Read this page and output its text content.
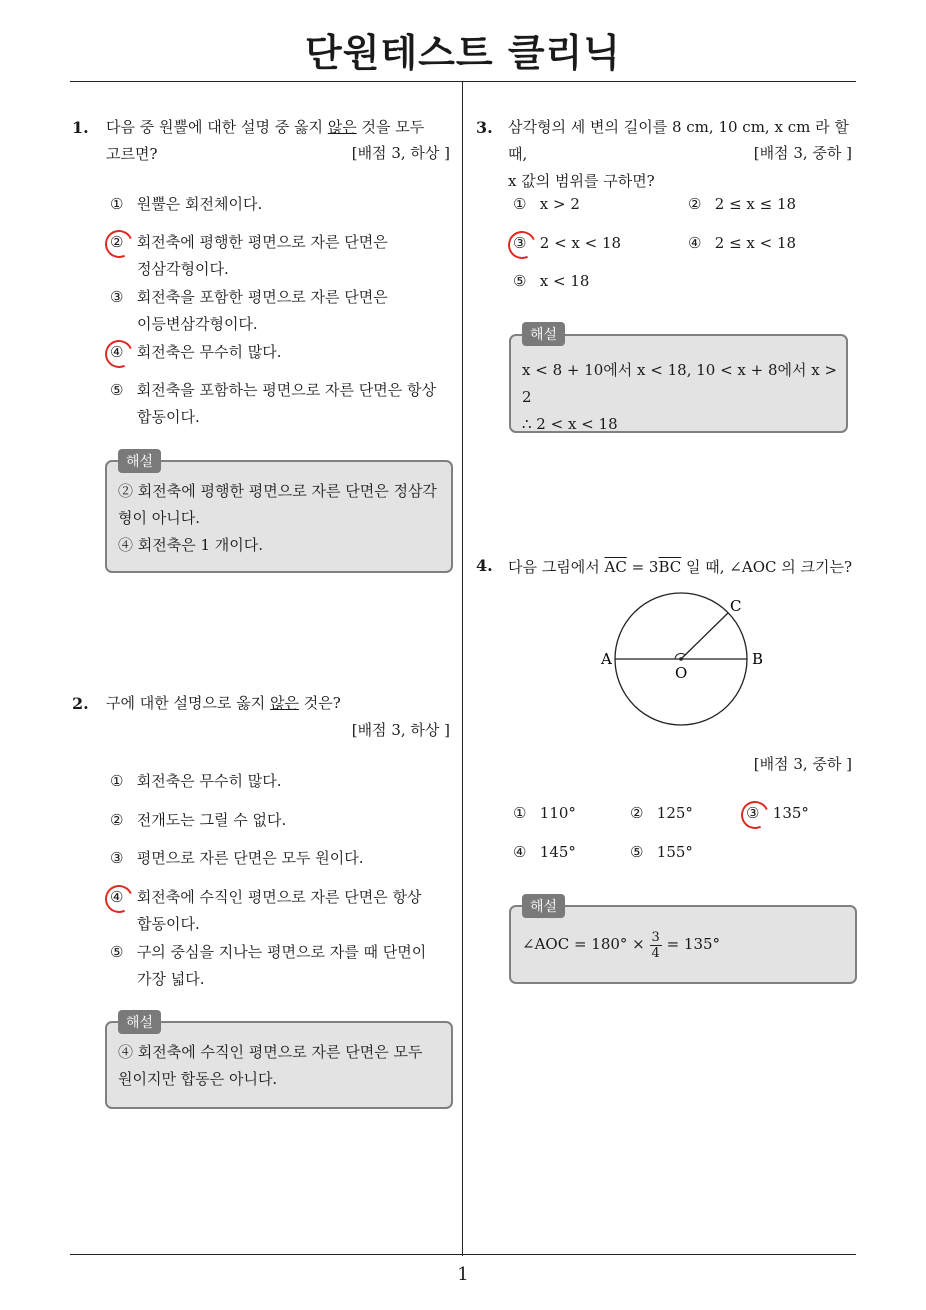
단원테스트 클리닉
1. 다음 중 원뿔에 대한 설명 중 옳지 않은 것을 모두
고르면?	[배점 3, 하상 ]
① 원뿔은 회전체이다.
② 회전축에 평행한 평면으로 자른 단면은
정삼각형이다.
③ 회전축을 포함한 평면으로 자른 단면은
이등변삼각형이다.
④ 회전축은 무수히 많다.
⑤ 회전축을 포함하는 평면으로 자른 단면은 항상
합동이다.
해설
② 회전축에 평행한 평면으로 자른 단면은 정삼각
형이 아니다.
④ 회전축은 1 개이다.
2. 구에 대한 설명으로 옳지 않은 것은?
[배점 3, 하상 ]
① 회전축은 무수히 많다.
② 전개도는 그릴 수 없다.
③ 평면으로 자른 단면은 모두 원이다.
④ 회전축에 수직인 평면으로 자른 단면은 항상
합동이다.
⑤ 구의 중심을 지나는 평면으로 자를 때 단면이
가장 넓다.
해설
④ 회전축에 수직인 평면으로 자른 단면은 모두
원이지만 합동은 아니다.
3. 삼각형의 세 변의 길이를 8 cm, 10 cm, x cm 라 할 때,
x 값의 범위를 구하면?
[배점 3, 중하 ]
① x > 2	② 2 ≤ x ≤ 18
③ 2 < x < 18	④ 2 ≤ x < 18
⑤ x < 18
해설
x < 8 + 10에서 x < 18, 10 < x + 8에서 x > 2
∴ 2 < x < 18
4. 다음 그림에서 $\overline{AC} = 3\overline{BC}$ 일 때, ∠AOC 의 크기는?
A	B
C
O
[배점 3, 중하 ]
① 110°	② 125°	③ 135°
④ 145°	⑤ 155°
해설
∠AOC = $180^\circ \times \frac{3}{4} = 135^\circ$
1
